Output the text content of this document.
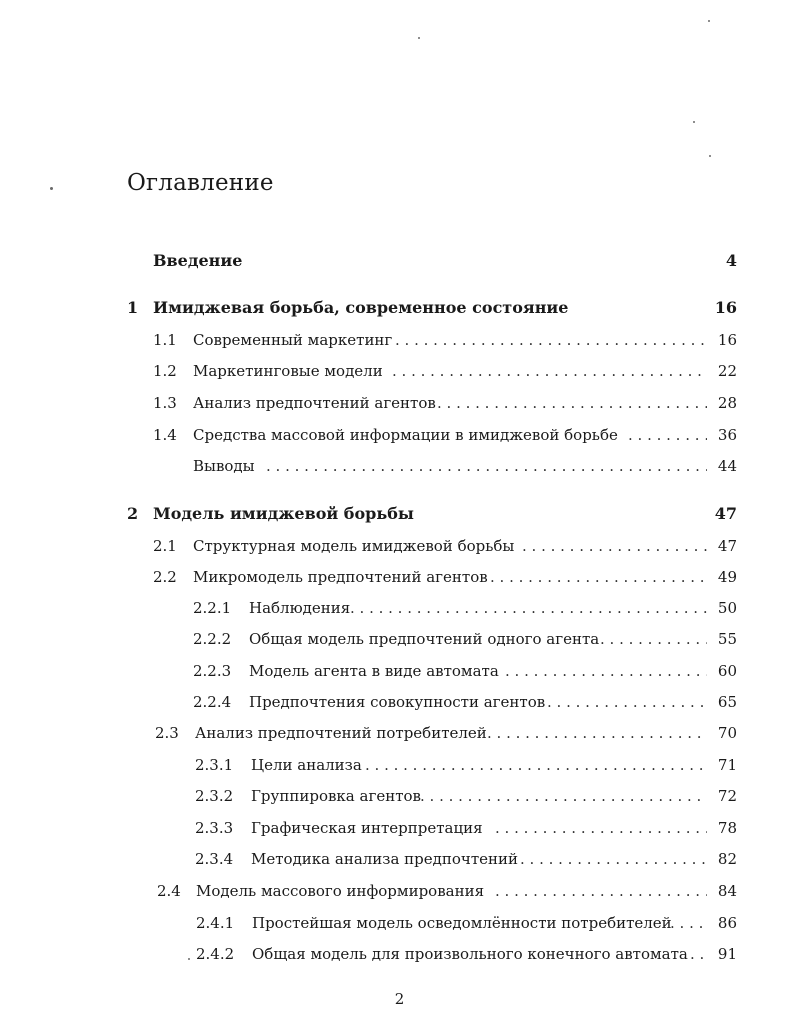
Оглавление
Введение	4
1 Имиджевая борьба, современное состояние	16
1.1 Современный маркетинг . . .	16
1.2 Маркетинговые модели . . .	22
1.3 Анализ предпочтений агентов . . .	28
1.4 Средства массовой информации в имиджевой борьбе . . .	36
Выводы . . .	44
2 Модель имиджевой борьбы	47
2.1 Структурная модель имиджевой борьбы . . .	47
2.2 Микромодель предпочтений агентов . . .	49
2.2.1 Наблюдения . . .	50
2.2.2 Общая модель предпочтений одного агента . . .	55
2.2.3 Модель агента в виде автомата . . .	60
2.2.4 Предпочтения совокупности агентов . . .	65
2.3 Анализ предпочтений потребителей . . .	70
2.3.1 Цели анализа . . .	71
2.3.2 Группировка агентов . . .	72
2.3.3 Графическая интерпретация . . .	78
2.3.4 Методика анализа предпочтений . . .	82
2.4 Модель массового информирования . . .	84
2.4.1 Простейшая модель осведомлённости потребителей . . .	86
2.4.2 Общая модель для произвольного конечного автомата . . .	91
2
